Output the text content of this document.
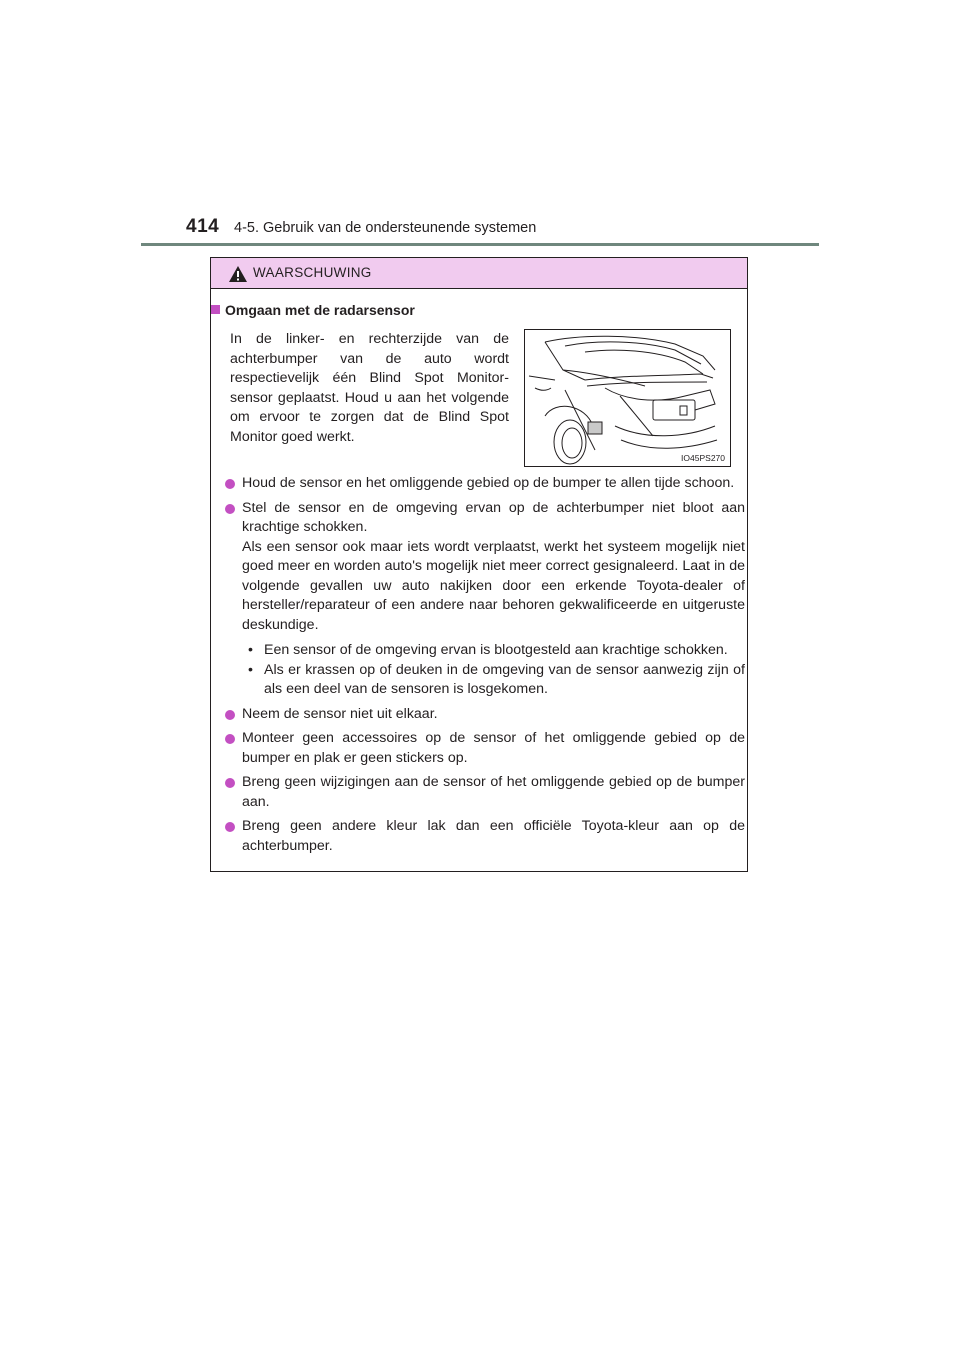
414 4-5. Gebruik van de ondersteunende systemen
WAARSCHUWING
Omgaan met de radarsensor
In de linker- en rechterzijde van de achterbumper van de auto wordt respectievelijk één Blind Spot Monitor-sensor geplaatst. Houd u aan het volgende om ervoor te zorgen dat de Blind Spot Monitor goed werkt.
IO45PS270

Houd de sensor en het omliggende gebied op de bumper te allen tijde schoon.

Stel de sensor en de omgeving ervan op de achterbumper niet bloot aan krachtige schokken.

Als een sensor ook maar iets wordt verplaatst, werkt het systeem mogelijk niet goed meer en worden auto's mogelijk niet meer correct gesignaleerd. Laat in de volgende gevallen uw auto nakijken door een erkende Toyota-dealer of hersteller/reparateur of een andere naar behoren gekwalificeerde en uitgeruste deskundige.

• Een sensor of de omgeving ervan is blootgesteld aan krachtige schokken.
• Als er krassen op of deuken in de omgeving van de sensor aanwezig zijn of als een deel van de sensoren is losgekomen.

Neem de sensor niet uit elkaar.

Monteer geen accessoires op de sensor of het omliggende gebied op de bumper en plak er geen stickers op.

Breng geen wijzigingen aan de sensor of het omliggende gebied op de bumper aan.

Breng geen andere kleur lak dan een officiële Toyota-kleur aan op de achterbumper.
